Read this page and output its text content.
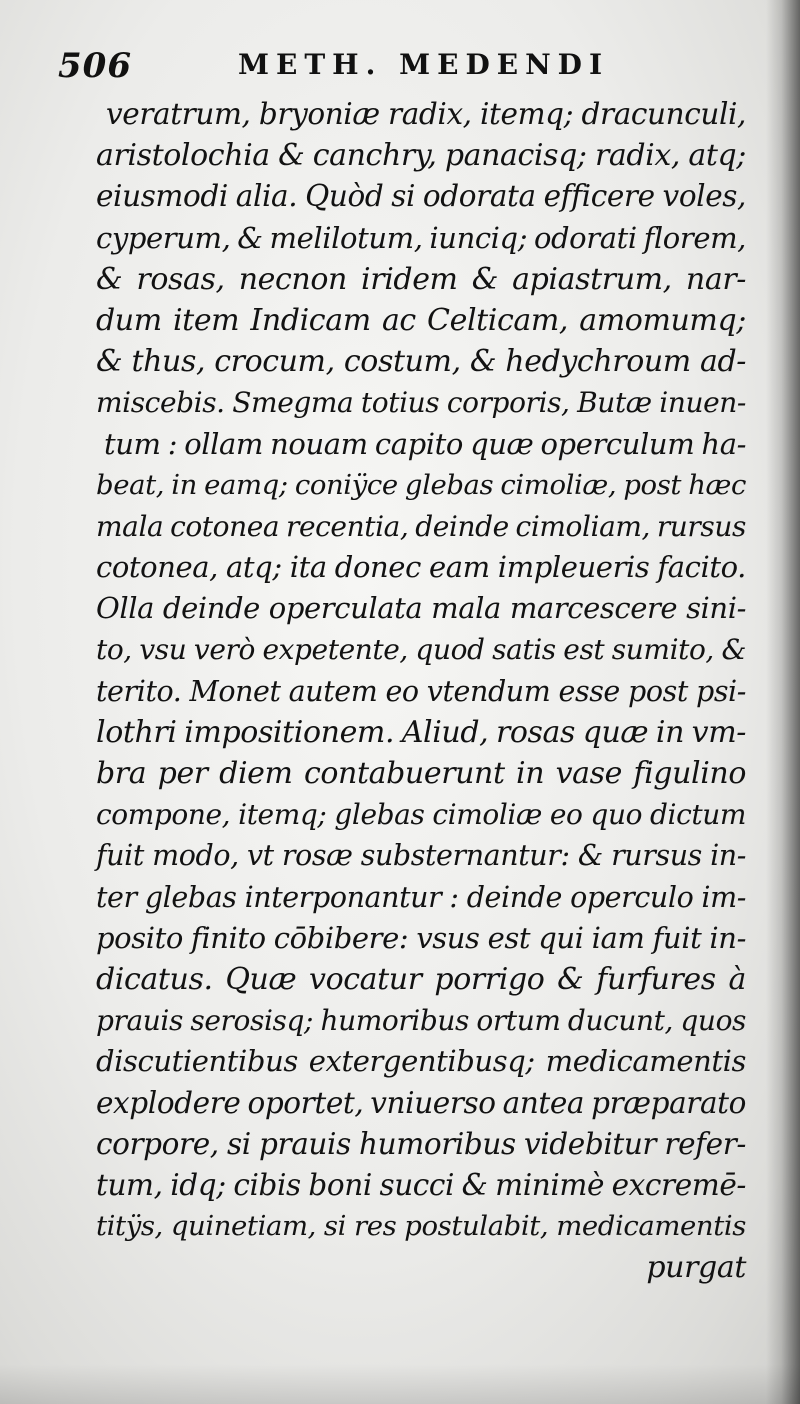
506	METH. MEDENDI
veratrum, bryoniæ radix, itemq; dracunculi,
aristolochia & canchry, panacisq; radix, atq;
eiusmodi alia. Quòd si odorata efficere voles,
cyperum, & melilotum, iunciq; odorati florem,
& rosas, necnon iridem & apiastrum, nar-
dum item Indicam ac Celticam, amomumq;
& thus, crocum, costum, & hedychroum ad-
miscebis. Smegma totius corporis, Butæ inuen-
tum : ollam nouam capito quæ operculum ha-
beat, in eamq; coniÿce glebas cimoliæ, post hæc
mala cotonea recentia, deinde cimoliam, rursus
cotonea, atq; ita donec eam impleueris facito.
Olla deinde operculata mala marcescere sini-
to, vsu verò expetente, quod satis est sumito, &
terito. Monet autem eo vtendum esse post psi-
lothri impositionem. Aliud, rosas quæ in vm-
bra per diem contabuerunt in vase figulino
compone, itemq; glebas cimoliæ eo quo dictum
fuit modo, vt rosæ substernantur: & rursus in-
ter glebas interponantur : deinde operculo im-
posito finito cōbibere: vsus est qui iam fuit in-
dicatus. Quæ vocatur porrigo & furfures à
prauis serosisq; humoribus ortum ducunt, quos
discutientibus extergentibusq; medicamentis
explodere oportet, vniuerso antea præparato
corpore, si prauis humoribus videbitur refer-
tum, idq; cibis boni succi & minimè excremē-
titÿs, quinetiam, si res postulabit, medicamentis
purgat
